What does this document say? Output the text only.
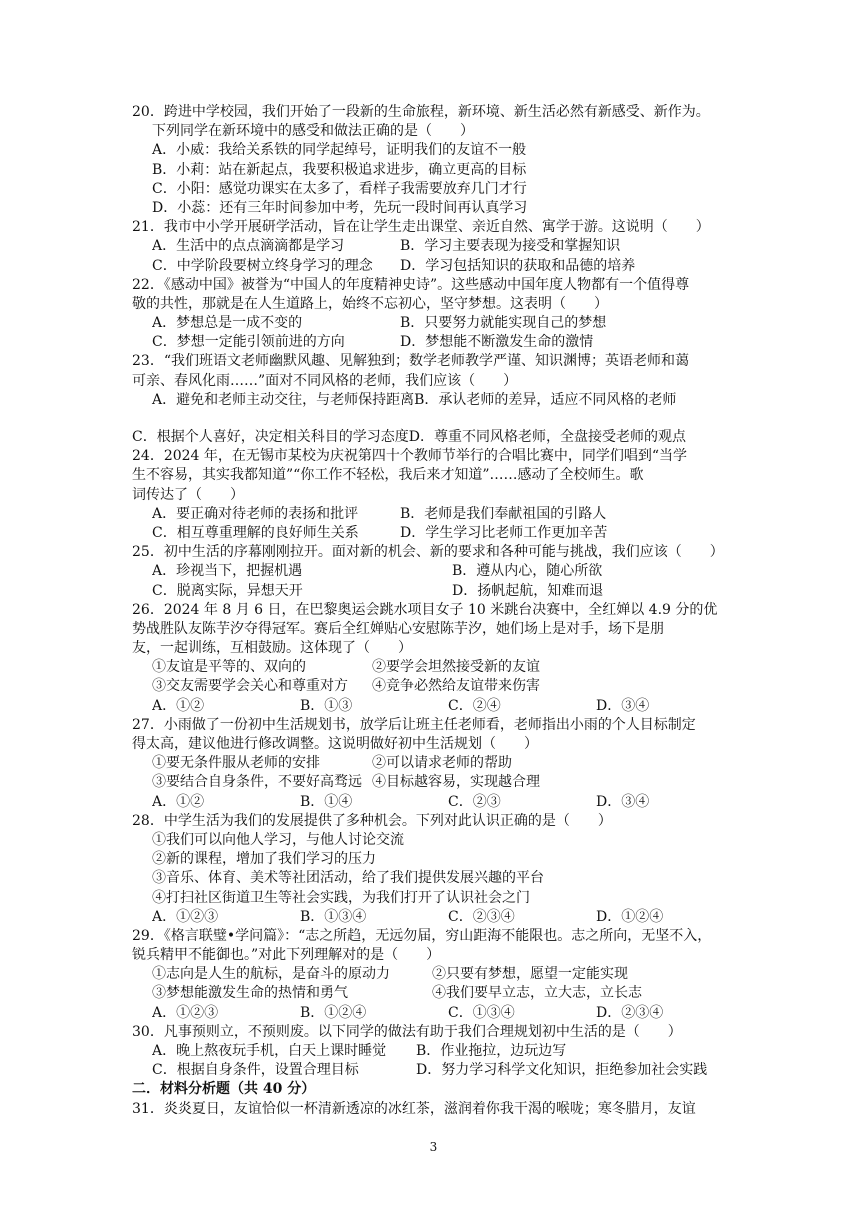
20．跨进中学校园，我们开始了一段新的生命旅程，新环境、新生活必然有新感受、新作为。
下列同学在新环境中的感受和做法正确的是（　　）
A．小威：我给关系铁的同学起绰号，证明我们的友谊不一般
B．小莉：站在新起点，我要积极追求进步，确立更高的目标
C．小阳：感觉功课实在太多了，看样子我需要放弃几门才行
D．小蕊：还有三年时间参加中考，先玩一段时间再认真学习
21．我市中小学开展研学活动，旨在让学生走出课堂、亲近自然、寓学于游。这说明（　　）
A．生活中的点点滴滴都是学习	B．学习主要表现为接受和掌握知识
C．中学阶段要树立终身学习的理念	D．学习包括知识的获取和品德的培养
22．《感动中国》被誉为“中国人的年度精神史诗”。这些感动中国年度人物都有一个值得尊
敬的共性，那就是在人生道路上，始终不忘初心，坚守梦想。这表明（　　）
A．梦想总是一成不变的	B．只要努力就能实现自己的梦想
C．梦想一定能引领前进的方向	D．梦想能不断激发生命的激情
23．“我们班语文老师幽默风趣、见解独到；数学老师教学严谨、知识渊博；英语老师和蔼
可亲、春风化雨……”面对不同风格的老师，我们应该（　　）
A．避免和老师主动交往，与老师保持距离B．承认老师的差异，适应不同风格的老师
C．根据个人喜好，决定相关科目的学习态度D．尊重不同风格老师，全盘接受老师的观点
24．2024 年，在无锡市某校为庆祝第四十个教师节举行的合唱比赛中，同学们唱到“当学
生不容易，其实我都知道”“你工作不轻松，我后来才知道”……感动了全校师生。歌
词传达了（　　）
A．要正确对待老师的表扬和批评	B．老师是我们奉献祖国的引路人
C．相互尊重理解的良好师生关系	D．学生学习比老师工作更加辛苦
25．初中生活的序幕刚刚拉开。面对新的机会、新的要求和各种可能与挑战，我们应该（　　）
A．珍视当下，把握机遇	B．遵从内心，随心所欲
C．脱离实际，异想天开	D．扬帆起航，知难而退
26．2024 年 8 月 6 日，在巴黎奥运会跳水项目女子 10 米跳台决赛中，全红婵以 4.9 分的优
势战胜队友陈芋汐夺得冠军。赛后全红婵贴心安慰陈芋汐，她们场上是对手，场下是朋
友，一起训练，互相鼓励。这体现了（　　）
①友谊是平等的、双向的	②要学会坦然接受新的友谊
③交友需要学会关心和尊重对方	④竞争必然给友谊带来伤害
A．①②	B．①③	C．②④	D．③④
27．小雨做了一份初中生活规划书，放学后让班主任老师看，老师指出小雨的个人目标制定
得太高，建议他进行修改调整。这说明做好初中生活规划（　　）
①要无条件服从老师的安排	②可以请求老师的帮助
③要结合自身条件，不要好高骛远 ④目标越容易，实现越合理
A．①②	B．①④	C．②③	D．③④
28．中学生活为我们的发展提供了多种机会。下列对此认识正确的是（　　）
①我们可以向他人学习，与他人讨论交流
②新的课程，增加了我们学习的压力
③音乐、体育、美术等社团活动，给了我们提供发展兴趣的平台
④打扫社区街道卫生等社会实践，为我们打开了认识社会之门
A．①②③	B．①③④	C．②③④	D．①②④
29．《格言联璧•学问篇》：“志之所趋，无远勿届，穷山距海不能限也。志之所向，无坚不入，
锐兵精甲不能御也。”对此下列理解对的是（　　）
①志向是人生的航标，是奋斗的原动力	②只要有梦想，愿望一定能实现
③梦想能激发生命的热情和勇气	④我们要早立志，立大志，立长志
A．①②③	B．①②④	C．①③④	D．②③④
30．凡事预则立，不预则废。以下同学的做法有助于我们合理规划初中生活的是（　　）
A．晚上熬夜玩手机，白天上课时睡觉	B．作业拖拉，边玩边写
C．根据自身条件，设置合理目标	D．努力学习科学文化知识，拒绝参加社会实践
二．材料分析题（共 40 分）
31．炎炎夏日，友谊恰似一杯清新透凉的冰红茶，滋润着你我干渴的喉咙；寒冬腊月，友谊
3
